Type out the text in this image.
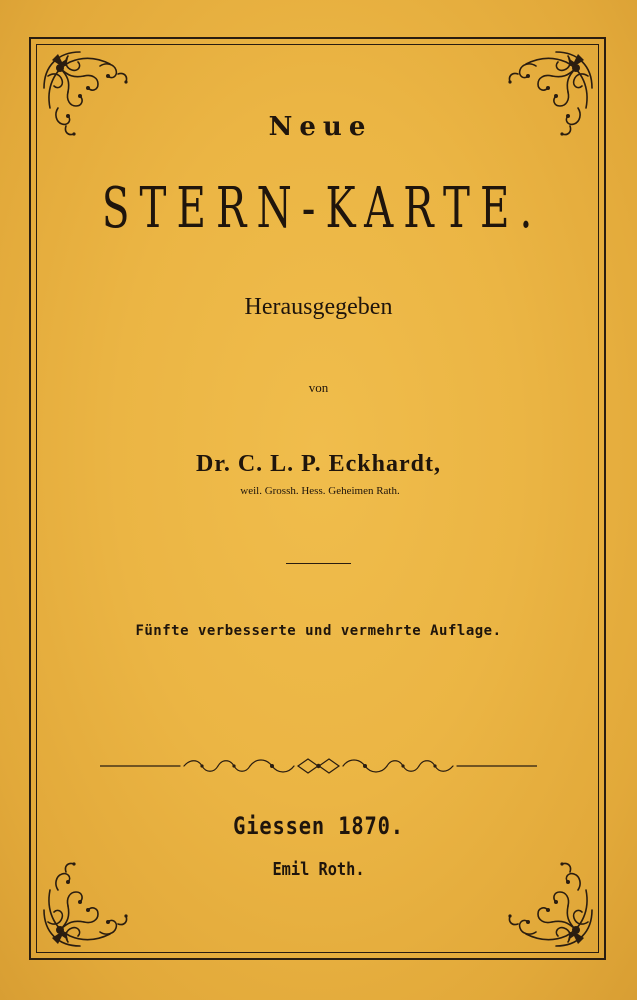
Neue
STERN-KARTE.
Herausgegeben
von
Dr. C. L. P. Eckhardt,
weil. Grossh. Hess. Geheimen Rath.
Fünfte verbesserte und vermehrte Auflage.
Giessen 1870.
Emil Roth.
